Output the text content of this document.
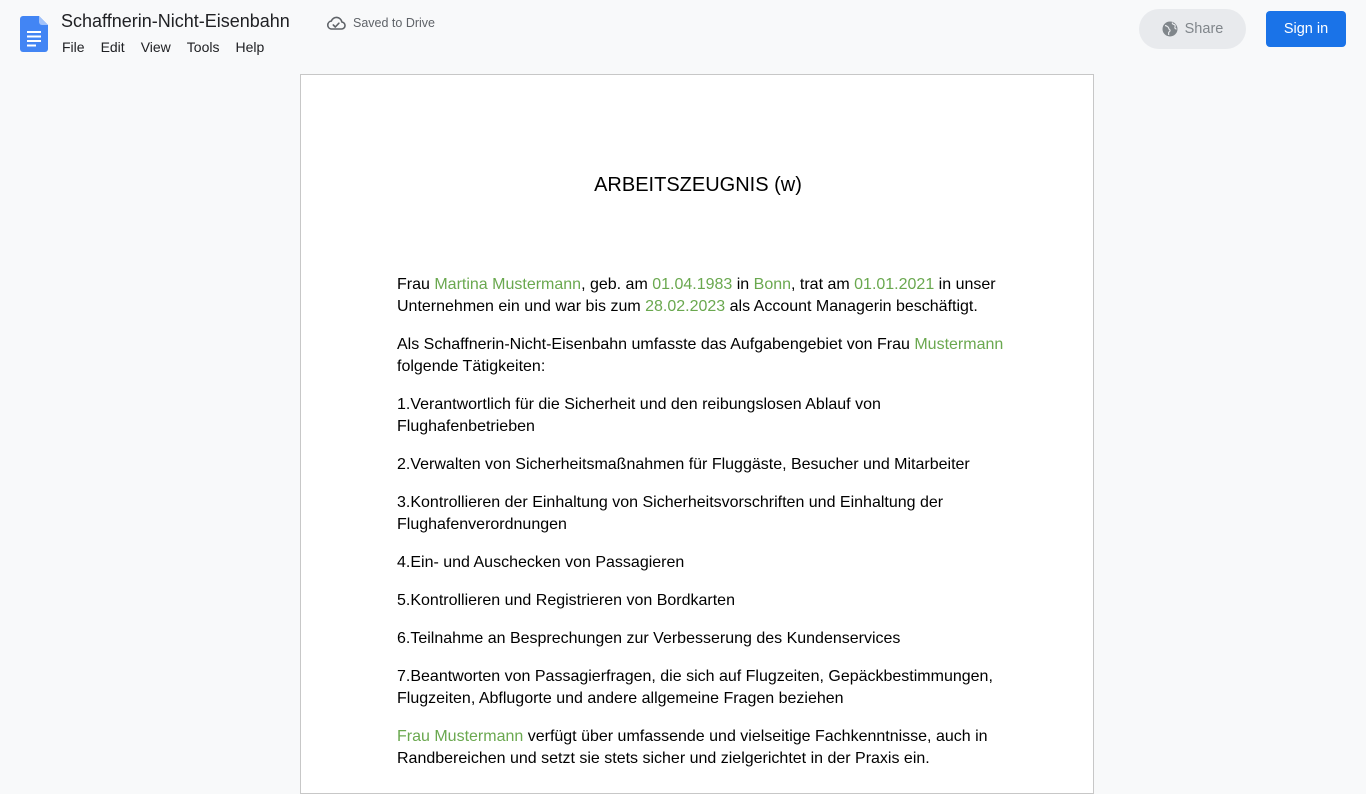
Schaffnerin-Nicht-Eisenbahn	Saved to Drive
File	Edit	View	Tools	Help
Share	Sign in
ARBEITSZEUGNIS (w)

Frau Martina Mustermann, geb. am 01.04.1983 in Bonn, trat am 01.01.2021 in unser Unternehmen ein und war bis zum 28.02.2023 als Account Managerin beschäftigt.

Als Schaffnerin-Nicht-Eisenbahn umfasste das Aufgabengebiet von Frau Mustermann folgende Tätigkeiten:

1.Verantwortlich für die Sicherheit und den reibungslosen Ablauf von Flughafenbetrieben

2.Verwalten von Sicherheitsmaßnahmen für Fluggäste, Besucher und Mitarbeiter

3.Kontrollieren der Einhaltung von Sicherheitsvorschriften und Einhaltung der Flughafenverordnungen

4.Ein- und Auschecken von Passagieren

5.Kontrollieren und Registrieren von Bordkarten

6.Teilnahme an Besprechungen zur Verbesserung des Kundenservices

7.Beantworten von Passagierfragen, die sich auf Flugzeiten, Gepäckbestimmungen, Flugzeiten, Abflugorte und andere allgemeine Fragen beziehen

Frau Mustermann verfügt über umfassende und vielseitige Fachkenntnisse, auch in Randbereichen und setzt sie stets sicher und zielgerichtet in der Praxis ein.
